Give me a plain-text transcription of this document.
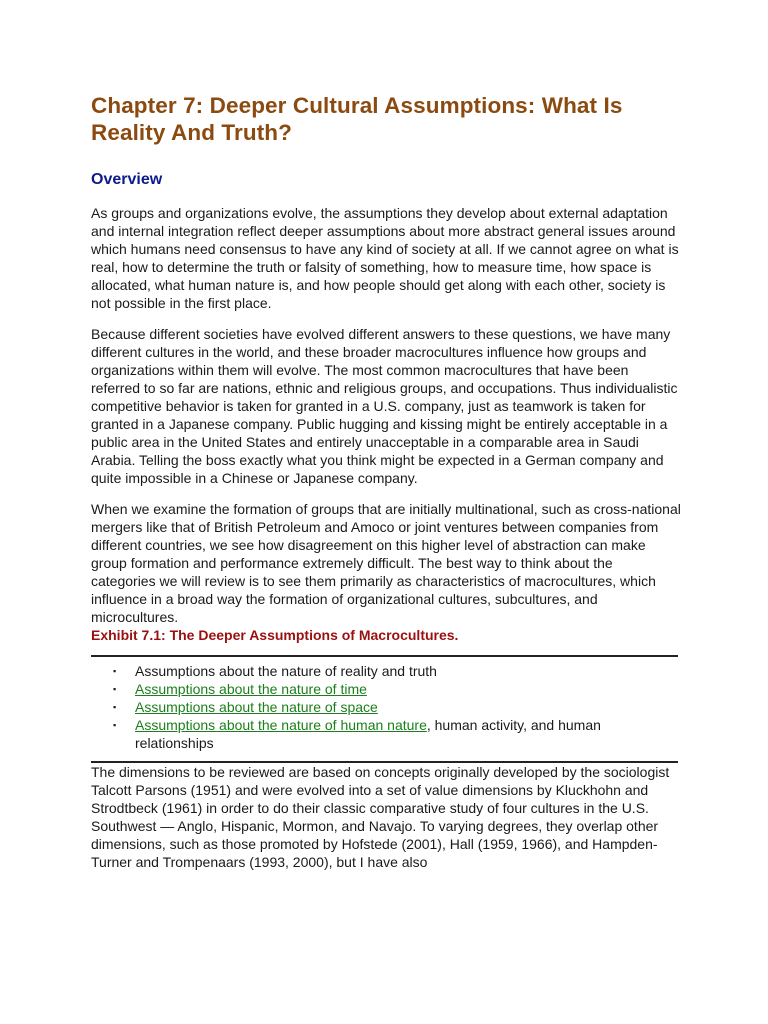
Chapter 7: Deeper Cultural Assumptions: What Is Reality And Truth?
Overview

As groups and organizations evolve, the assumptions they develop about external adaptation and internal integration reflect deeper assumptions about more abstract general issues around which humans need consensus to have any kind of society at all. If we cannot agree on what is real, how to determine the truth or falsity of something, how to measure time, how space is allocated, what human nature is, and how people should get along with each other, society is not possible in the first place.

Because different societies have evolved different answers to these questions, we have many different cultures in the world, and these broader macrocultures influence how groups and organizations within them will evolve. The most common macrocultures that have been referred to so far are nations, ethnic and religious groups, and occupations. Thus individualistic competitive behavior is taken for granted in a U.S. company, just as teamwork is taken for granted in a Japanese company. Public hugging and kissing might be entirely acceptable in a public area in the United States and entirely unacceptable in a comparable area in Saudi Arabia. Telling the boss exactly what you think might be expected in a German company and quite impossible in a Chinese or Japanese company.

When we examine the formation of groups that are initially multinational, such as cross-national mergers like that of British Petroleum and Amoco or joint ventures between companies from different countries, we see how disagreement on this higher level of abstraction can make group formation and performance extremely difficult. The best way to think about the categories we will review is to see them primarily as characteristics of macrocultures, which influence in a broad way the formation of organizational cultures, subcultures, and microcultures.

Exhibit 7.1: The Deeper Assumptions of Macrocultures.
▪ Assumptions about the nature of reality and truth
▪ Assumptions about the nature of time
▪ Assumptions about the nature of space
▪ Assumptions about the nature of human nature, human activity, and human relationships

The dimensions to be reviewed are based on concepts originally developed by the sociologist Talcott Parsons (1951) and were evolved into a set of value dimensions by Kluckhohn and Strodtbeck (1961) in order to do their classic comparative study of four cultures in the U.S. Southwest — Anglo, Hispanic, Mormon, and Navajo. To varying degrees, they overlap other dimensions, such as those promoted by Hofstede (2001), Hall (1959, 1966), and Hampden-Turner and Trompenaars (1993, 2000), but I have also
